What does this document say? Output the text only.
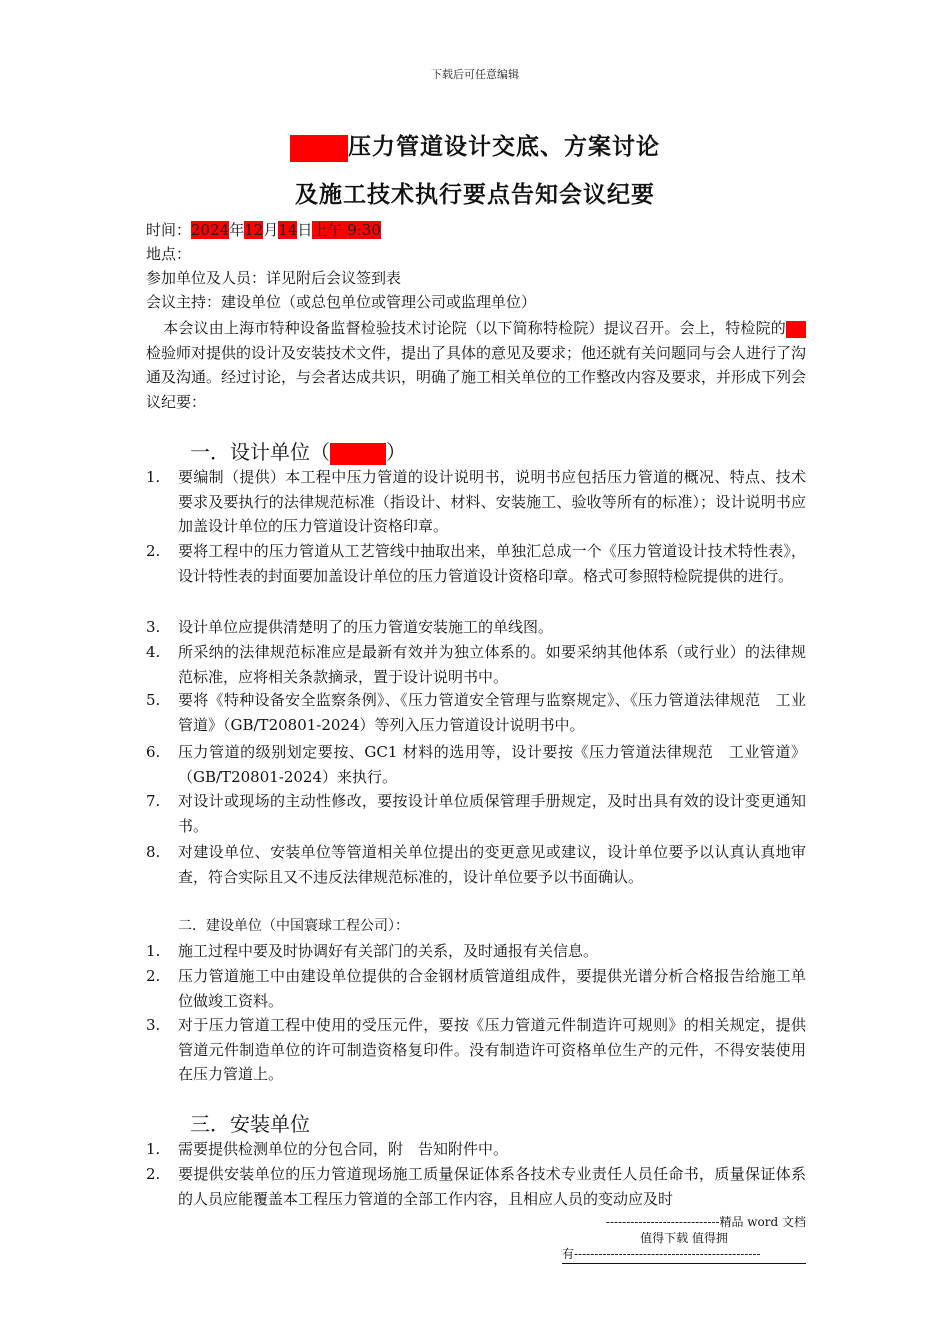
下载后可任意编辑
压力管道设计交底、方案讨论
及施工技术执行要点告知会议纪要
时间：2024年12月14日上午 9:30
地点：
参加单位及人员：详见附后会议签到表
会议主持：建设单位（或总包单位或管理公司或监理单位）
本会议由上海市特种设备监督检验技术讨论院（以下简称特检院）提议召开。会上，特检院的检验师对提供的设计及安装技术文件，提出了具体的意见及要求；他还就有关问题同与会人进行了沟通及沟通。经过讨论，与会者达成共识，明确了施工相关单位的工作整改内容及要求，并形成下列会议纪要：
一．设计单位（	）
1.	要编制（提供）本工程中压力管道的设计说明书，说明书应包括压力管道的概况、特点、技术要求及要执行的法律规范标准（指设计、材料、安装施工、验收等所有的标准）；设计说明书应加盖设计单位的压力管道设计资格印章。
2.	要将工程中的压力管道从工艺管线中抽取出来，单独汇总成一个《压力管道设计技术特性表》，设计特性表的封面要加盖设计单位的压力管道设计资格印章。格式可参照特检院提供的进行。
3.	设计单位应提供清楚明了的压力管道安装施工的单线图。
4.	所采纳的法律规范标准应是最新有效并为独立体系的。如要采纳其他体系（或行业）的法律规范标准，应将相关条款摘录，置于设计说明书中。
5.	要将《特种设备安全监察条例》、《压力管道安全管理与监察规定》、《压力管道法律规范　工业管道》（GB/T20801-2024）等列入压力管道设计说明书中。
6.	压力管道的级别划定要按、GC1 材料的选用等，设计要按《压力管道法律规范　工业管道》（GB/T20801-2024）来执行。
7.	对设计或现场的主动性修改，要按设计单位质保管理手册规定，及时出具有效的设计变更通知书。
8.	对建设单位、安装单位等管道相关单位提出的变更意见或建议，设计单位要予以认真认真地审查，符合实际且又不违反法律规范标准的，设计单位要予以书面确认。
二．建设单位（中国寰球工程公司）：
1.	施工过程中要及时协调好有关部门的关系，及时通报有关信息。
2.	压力管道施工中由建设单位提供的合金钢材质管道组成件，要提供光谱分析合格报告给施工单位做竣工资料。
3.	对于压力管道工程中使用的受压元件，要按《压力管道元件制造许可规则》的相关规定，提供管道元件制造单位的许可制造资格复印件。没有制造许可资格单位生产的元件，不得安装使用在压力管道上。
三．安装单位
1.	需要提供检测单位的分包合同，附　告知附件中。
2.	要提供安装单位的压力管道现场施工质量保证体系各技术专业责任人员任命书，质量保证体系的人员应能覆盖本工程压力管道的全部工作内容，且相应人员的变动应及时
----------------------------精品 word 文档
值得下载 值得拥
有----------------------------------------------
